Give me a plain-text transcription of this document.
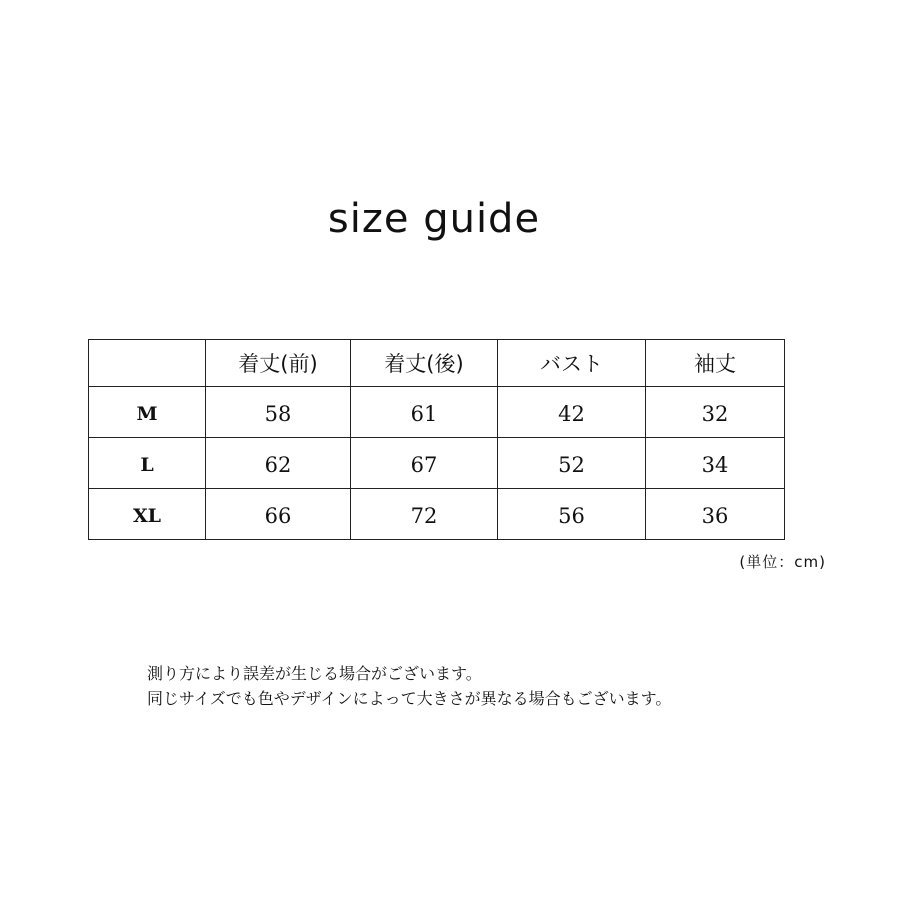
size guide
	着丈(前)	着丈(後)	バスト	袖丈
M	58	61	42	32
L	62	67	52	34
XL	66	72	56	36
(単位：cm)
測り方により誤差が生じる場合がございます。
同じサイズでも色やデザインによって大きさが異なる場合もございます。
